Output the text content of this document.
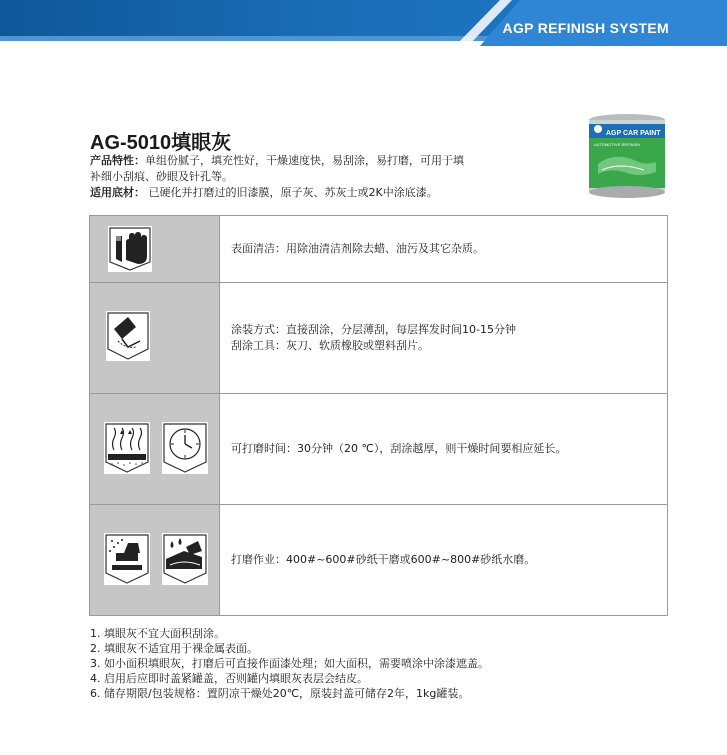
AGP REFINISH SYSTEM
AG-5010填眼灰
产品特性：单组份腻子，填充性好，干燥速度快，易刮涂，易打磨，可用于填
补细小刮痕、砂眼及针孔等。
适用底材： 已硬化并打磨过的旧漆膜，原子灰、苏灰士或2K中涂底漆。
AGP CAR PAINT
AUTOMOTIVE REFINISH

表面清洁：用除油清洁剂除去蜡、油污及其它杂质。

涂装方式：直接刮涂，分层薄刮，每层挥发时间10-15分钟
刮涂工具：灰刀、软质橡胶或塑料刮片。

可打磨时间：30分钟（20 ℃），刮涂越厚，则干燥时间要相应延长。

打磨作业：400#~600#砂纸干磨或600#~800#砂纸水磨。
1. 填眼灰不宜大面积刮涂。
2. 填眼灰不适宜用于裸金属表面。
3. 如小面积填眼灰，打磨后可直接作面漆处理；如大面积，需要喷涂中涂漆遮盖。
4. 启用后应即时盖紧罐盖，否则罐内填眼灰表层会结皮。
6. 储存期限/包装规格：置阴凉干燥处20℃，原装封盖可储存2年，1kg罐装。
